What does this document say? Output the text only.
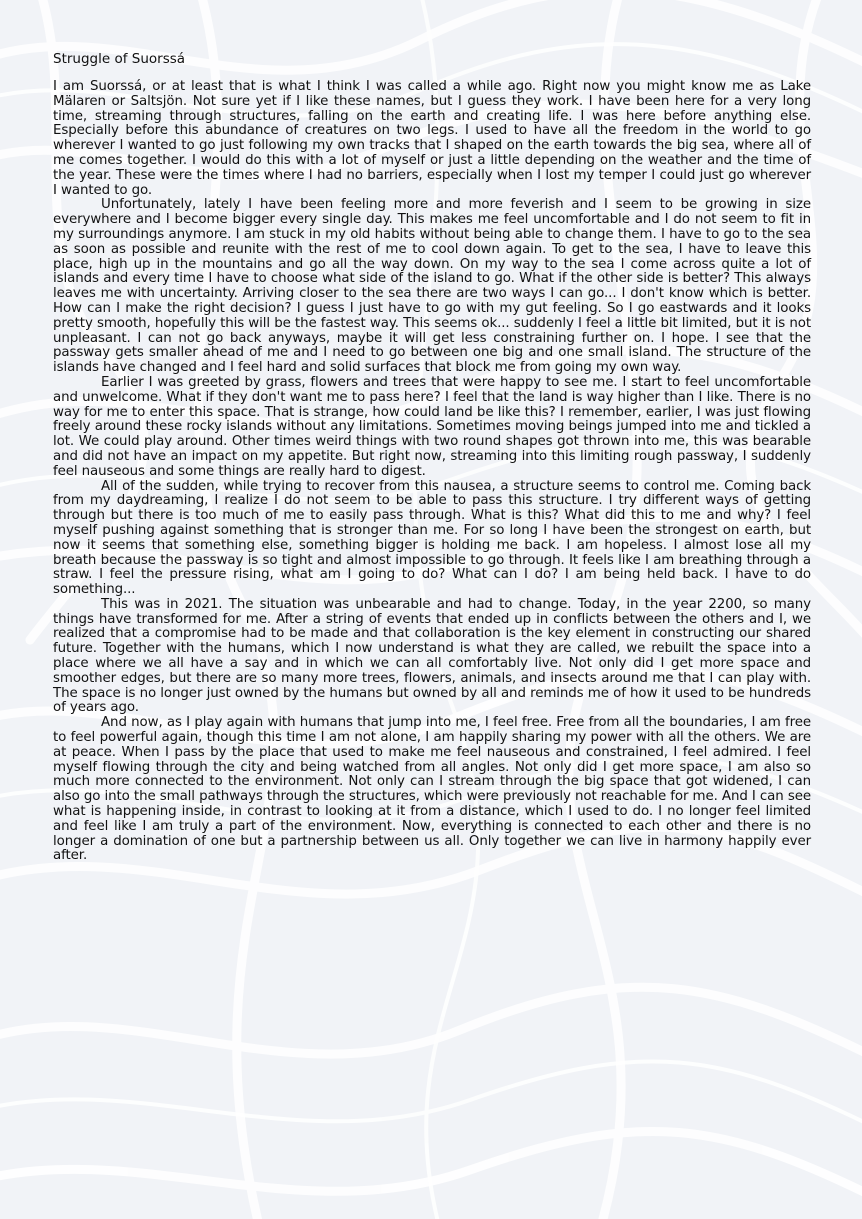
Struggle of Suorssá

I am Suorssá, or at least that is what I think I was called a while ago. Right now you might know me as Lake Mälaren or Saltsjön. Not sure yet if I like these names, but I guess they work. I have been here for a very long time, streaming through structures, falling on the earth and creating life. I was here before anything else. Especially before this abundance of creatures on two legs. I used to have all the freedom in the world to go wherever I wanted to go just following my own tracks that I shaped on the earth towards the big sea, where all of me comes together. I would do this with a lot of myself or just a little depending on the weather and the time of the year. These were the times where I had no barriers, especially when I lost my temper I could just go wherever I wanted to go.

Unfortunately, lately I have been feeling more and more feverish and I seem to be growing in size everywhere and I become bigger every single day. This makes me feel uncomfortable and I do not seem to fit in my surroundings anymore. I am stuck in my old habits without being able to change them. I have to go to the sea as soon as possible and reunite with the rest of me to cool down again. To get to the sea, I have to leave this place, high up in the mountains and go all the way down. On my way to the sea I come across quite a lot of islands and every time I have to choose what side of the island to go. What if the other side is better? This always leaves me with uncertainty. Arriving closer to the sea there are two ways I can go... I don't know which is better. How can I make the right decision? I guess I just have to go with my gut feeling. So I go eastwards and it looks pretty smooth, hopefully this will be the fastest way. This seems ok... suddenly I feel a little bit limited, but it is not unpleasant. I can not go back anyways, maybe it will get less constraining further on. I hope. I see that the passway gets smaller ahead of me and I need to go between one big and one small island. The structure of the islands have changed and I feel hard and solid surfaces that block me from going my own way.

Earlier I was greeted by grass, flowers and trees that were happy to see me. I start to feel uncomfortable and unwelcome. What if they don't want me to pass here? I feel that the land is way higher than I like. There is no way for me to enter this space. That is strange, how could land be like this? I remember, earlier, I was just flowing freely around these rocky islands without any limitations. Sometimes moving beings jumped into me and tickled a lot. We could play around. Other times weird things with two round shapes got thrown into me, this was bearable and did not have an impact on my appetite. But right now, streaming into this limiting rough passway, I suddenly feel nauseous and some things are really hard to digest.

All of the sudden, while trying to recover from this nausea, a structure seems to control me. Coming back from my daydreaming, I realize I do not seem to be able to pass this structure. I try different ways of getting through but there is too much of me to easily pass through. What is this? What did this to me and why? I feel myself pushing against something that is stronger than me. For so long I have been the strongest on earth, but now it seems that something else, something bigger is holding me back. I am hopeless. I almost lose all my breath because the passway is so tight and almost impossible to go through. It feels like I am breathing through a straw. I feel the pressure rising, what am I going to do? What can I do? I am being held back. I have to do something...

This was in 2021. The situation was unbearable and had to change. Today, in the year 2200, so many things have transformed for me. After a string of events that ended up in conflicts between the others and I, we realized that a compromise had to be made and that collaboration is the key element in constructing our shared future. Together with the humans, which I now understand is what they are called, we rebuilt the space into a place where we all have a say and in which we can all comfortably live. Not only did I get more space and smoother edges, but there are so many more trees, flowers, animals, and insects around me that I can play with. The space is no longer just owned by the humans but owned by all and reminds me of how it used to be hundreds of years ago.

And now, as I play again with humans that jump into me, I feel free. Free from all the boundaries, I am free to feel powerful again, though this time I am not alone, I am happily sharing my power with all the others. We are at peace. When I pass by the place that used to make me feel nauseous and constrained, I feel admired. I feel myself flowing through the city and being watched from all angles. Not only did I get more space, I am also so much more connected to the environment. Not only can I stream through the big space that got widened, I can also go into the small pathways through the structures, which were previously not reachable for me. And I can see what is happening inside, in contrast to looking at it from a distance, which I used to do. I no longer feel limited and feel like I am truly a part of the environment. Now, everything is connected to each other and there is no longer a domination of one but a partnership between us all. Only together we can live in harmony happily ever after.
